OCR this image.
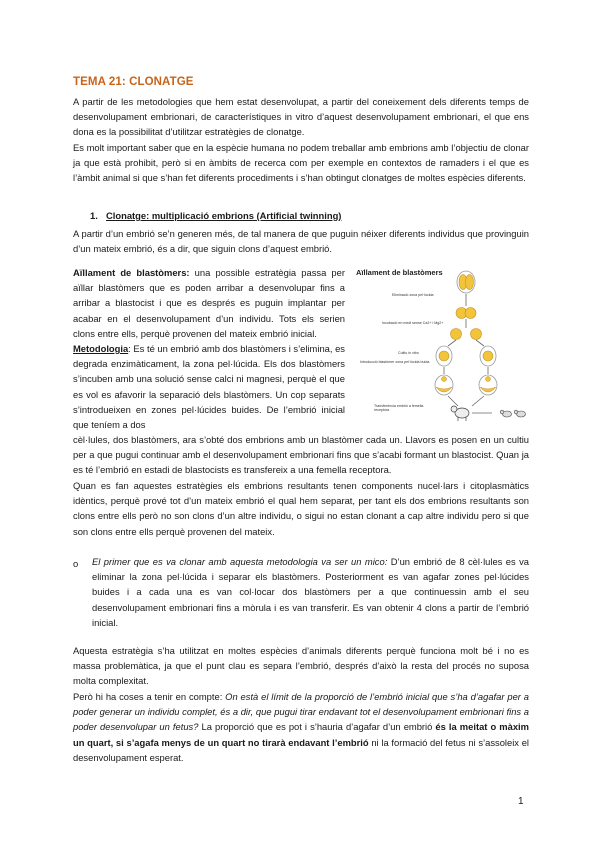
TEMA 21: CLONATGE

A partir de les metodologies que hem estat desenvolupat, a partir del coneixement dels diferents temps de desenvolupament embrionari, de característiques in vitro d’aquest desenvolupament embrionari, el que ens dona es la possibilitat d’utilitzar estratègies de clonatge.

Es molt important saber que en la espècie humana no podem treballar amb embrions amb l’objectiu de clonar ja que està prohibit, però si en àmbits de recerca com per exemple en contextos de ramaders i el que es l’àmbit animal si que s’han fet diferents procediments i s’han obtingut clonatges de moltes espècies diferents.

1. Clonatge: multiplicació embrions (Artificial twinning)

A partir d’un embrió se’n generen més, de tal manera de que puguin néixer diferents individus que provinguin d’un mateix embrió, és a dir, que siguin clons d’aquest embrió.

Aïllament de blastòmers: una possible estratègia passa per aïllar blastòmers que es poden arribar a desenvolupar fins a arribar a blastocist i que es després es puguin implantar per acabar en el desenvolupament d’un individu. Tots els serien clons entre ells, perquè provenen del mateix embrió inicial.

Metodologia: Es té un embrió amb dos blastòmers i s’elimina, es degrada enzimàticament, la zona pel·lúcida. Els dos blastòmers s’incuben amb una solució sense calci ni magnesi, perquè el que es vol es afavorir la separació dels blastòmers. Un cop separats s’introdueixen en zones pel·lúcides buides. De l’embrió inicial que teníem a dos

cèl·lules, dos blastòmers, ara s’obté dos embrions amb un blastòmer cada un. Llavors es posen en un cultiu per a que pugui continuar amb el desenvolupament embrionari fins que s’acabi formant un blastocist. Quan ja es té l’embrió en estadi de blastocists es transfereix a una femella receptora.

Quan es fan aquestes estratègies els embrions resultants tenen components nucel·lars i citoplasmàtics idèntics, perquè prové tot d’un mateix embrió el qual hem separat, per tant els dos embrions resultants son clons entre ells però no son clons d’un altre individu, o sigui no estan clonant a cap altre individu pero si que son clons entre ells perquè provenen del mateix.

o El primer que es va clonar amb aquesta metodologia va ser un mico: D’un embrió de 8 cèl·lules es va eliminar la zona pel·lúcida i separar els blastòmers. Posteriorment es van agafar zones pel·lúcides buides i a cada una es van col·locar dos blastòmers per a que continuessin amb el seu desenvolupament embrionari fins a mòrula i es van transferir. Es van obtenir 4 clons a partir de l’embrió inicial.

Aquesta estratègia s’ha utilitzat en moltes espècies d’animals diferents perquè funciona molt bé i no es massa problemàtica, ja que el punt clau es separa l’embrió, després d’això la resta del procés no suposa molta complexitat.

Però hi ha coses a tenir en compte: On està el límit de la proporció de l’embrió inicial que s’ha d’agafar per a poder generar un individu complet, és a dir, que pugui tirar endavant tot el desenvolupament embrionari fins a poder desenvolupar un fetus? La proporció que es pot i s’hauria d’agafar d’un embrió és la meitat o màxim un quart, si s’agafa menys de un quart no tirarà endavant l’embrió ni la formació del fetus ni s’assoleix el desenvolupament esperat.

Aïllament de blastòmers
Eliminació zona pel·lúcida
Incubació en medi sense Ca2+ i Mg2+
Cultiu in vitro
Introducció blastòmer zona pel·lúcida buida
Transferència embrió a femella receptora
1
